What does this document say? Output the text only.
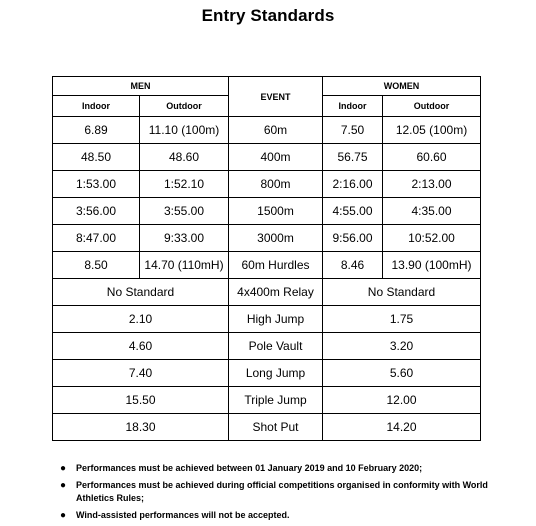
Entry Standards
MEN		EVENT	WOMEN	
Indoor	Outdoor		Indoor	Outdoor
6.89	11.10 (100m)	60m	7.50	12.05 (100m)
48.50	48.60	400m	56.75	60.60
1:53.00	1:52.10	800m	2:16.00	2:13.00
3:56.00	3:55.00	1500m	4:55.00	4:35.00
8:47.00	9:33.00	3000m	9:56.00	10:52.00
8.50	14.70 (110mH)	60m Hurdles	8.46	13.90 (100mH)
No Standard		4x400m Relay	No Standard	
2.10		High Jump	1.75	
4.60		Pole Vault	3.20	
7.40		Long Jump	5.60	
15.50		Triple Jump	12.00	
18.30		Shot Put	14.20	
● Performances must be achieved between 01 January 2019 and 10 February 2020;
● Performances must be achieved during official competitions organised in conformity with World Athletics Rules;
● Wind-assisted performances will not be accepted.
